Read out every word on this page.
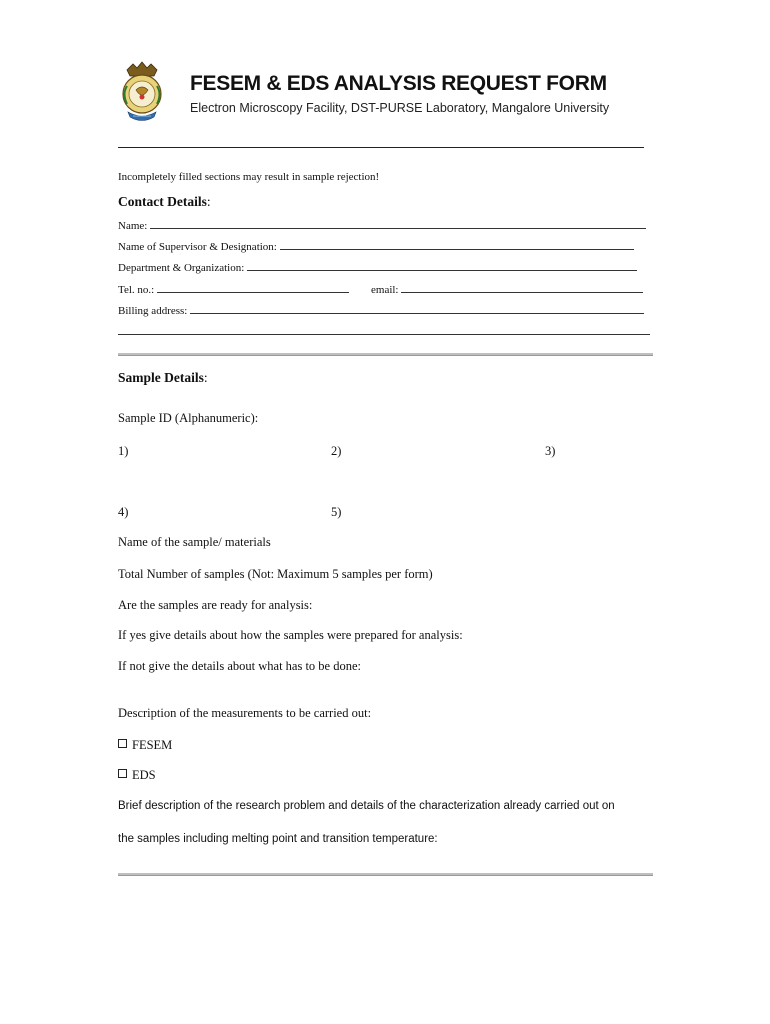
FESEM & EDS ANALYSIS REQUEST FORM
Electron Microscopy Facility, DST-PURSE Laboratory, Mangalore University
Incompletely filled sections may result in sample rejection!
Contact Details:
Name:
Name of Supervisor & Designation:
Department & Organization:
Tel. no.:	email:
Billing address:
Sample Details:
Sample ID (Alphanumeric):
1)	2)	3)
4)	5)
Name of the sample/ materials
Total Number of samples (Not: Maximum 5 samples per form)
Are the samples are ready for analysis:
If yes give details about how the samples were prepared for analysis:
If not give the details about what has to be done:
Description of the measurements to be carried out:
FESEM
EDS
Brief description of the research problem and details of the characterization already carried out on
the samples including melting point and transition temperature:
